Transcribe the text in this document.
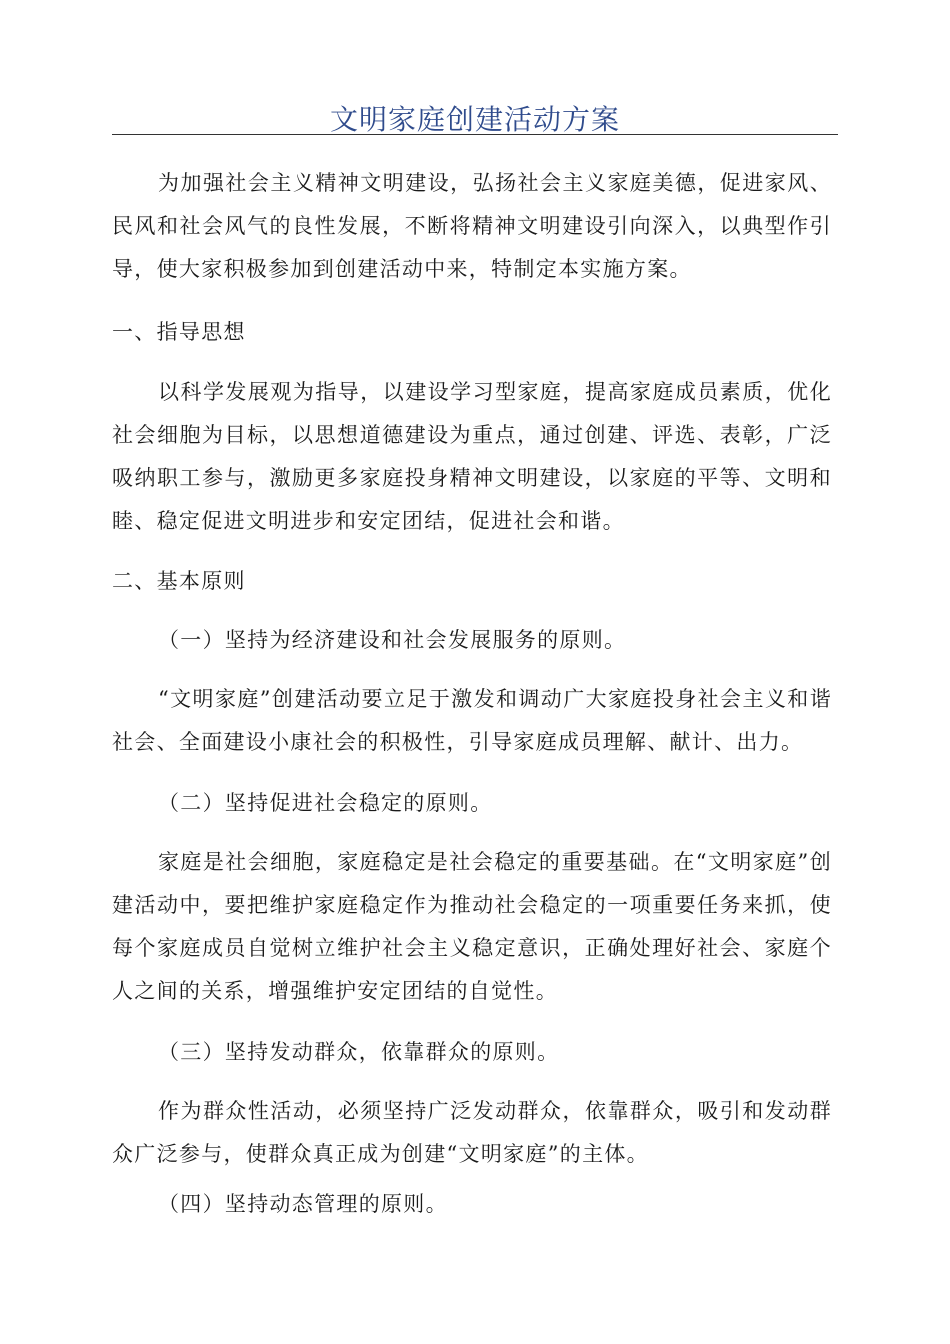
文明家庭创建活动方案

为加强社会主义精神文明建设，弘扬社会主义家庭美德，促进家风、民风和社会风气的良性发展，不断将精神文明建设引向深入，以典型作引导，使大家积极参加到创建活动中来，特制定本实施方案。

一、指导思想

以科学发展观为指导，以建设学习型家庭，提高家庭成员素质，优化社会细胞为目标，以思想道德建设为重点，通过创建、评选、表彰，广泛吸纳职工参与，激励更多家庭投身精神文明建设，以家庭的平等、文明和睦、稳定促进文明进步和安定团结，促进社会和谐。

二、基本原则

（一）坚持为经济建设和社会发展服务的原则。

“文明家庭”创建活动要立足于激发和调动广大家庭投身社会主义和谐社会、全面建设小康社会的积极性，引导家庭成员理解、献计、出力。

（二）坚持促进社会稳定的原则。

家庭是社会细胞，家庭稳定是社会稳定的重要基础。在“文明家庭”创建活动中，要把维护家庭稳定作为推动社会稳定的一项重要任务来抓，使每个家庭成员自觉树立维护社会主义稳定意识，正确处理好社会、家庭个人之间的关系，增强维护安定团结的自觉性。

（三）坚持发动群众，依靠群众的原则。

作为群众性活动，必须坚持广泛发动群众，依靠群众，吸引和发动群众广泛参与，使群众真正成为创建“文明家庭”的主体。

（四）坚持动态管理的原则。
